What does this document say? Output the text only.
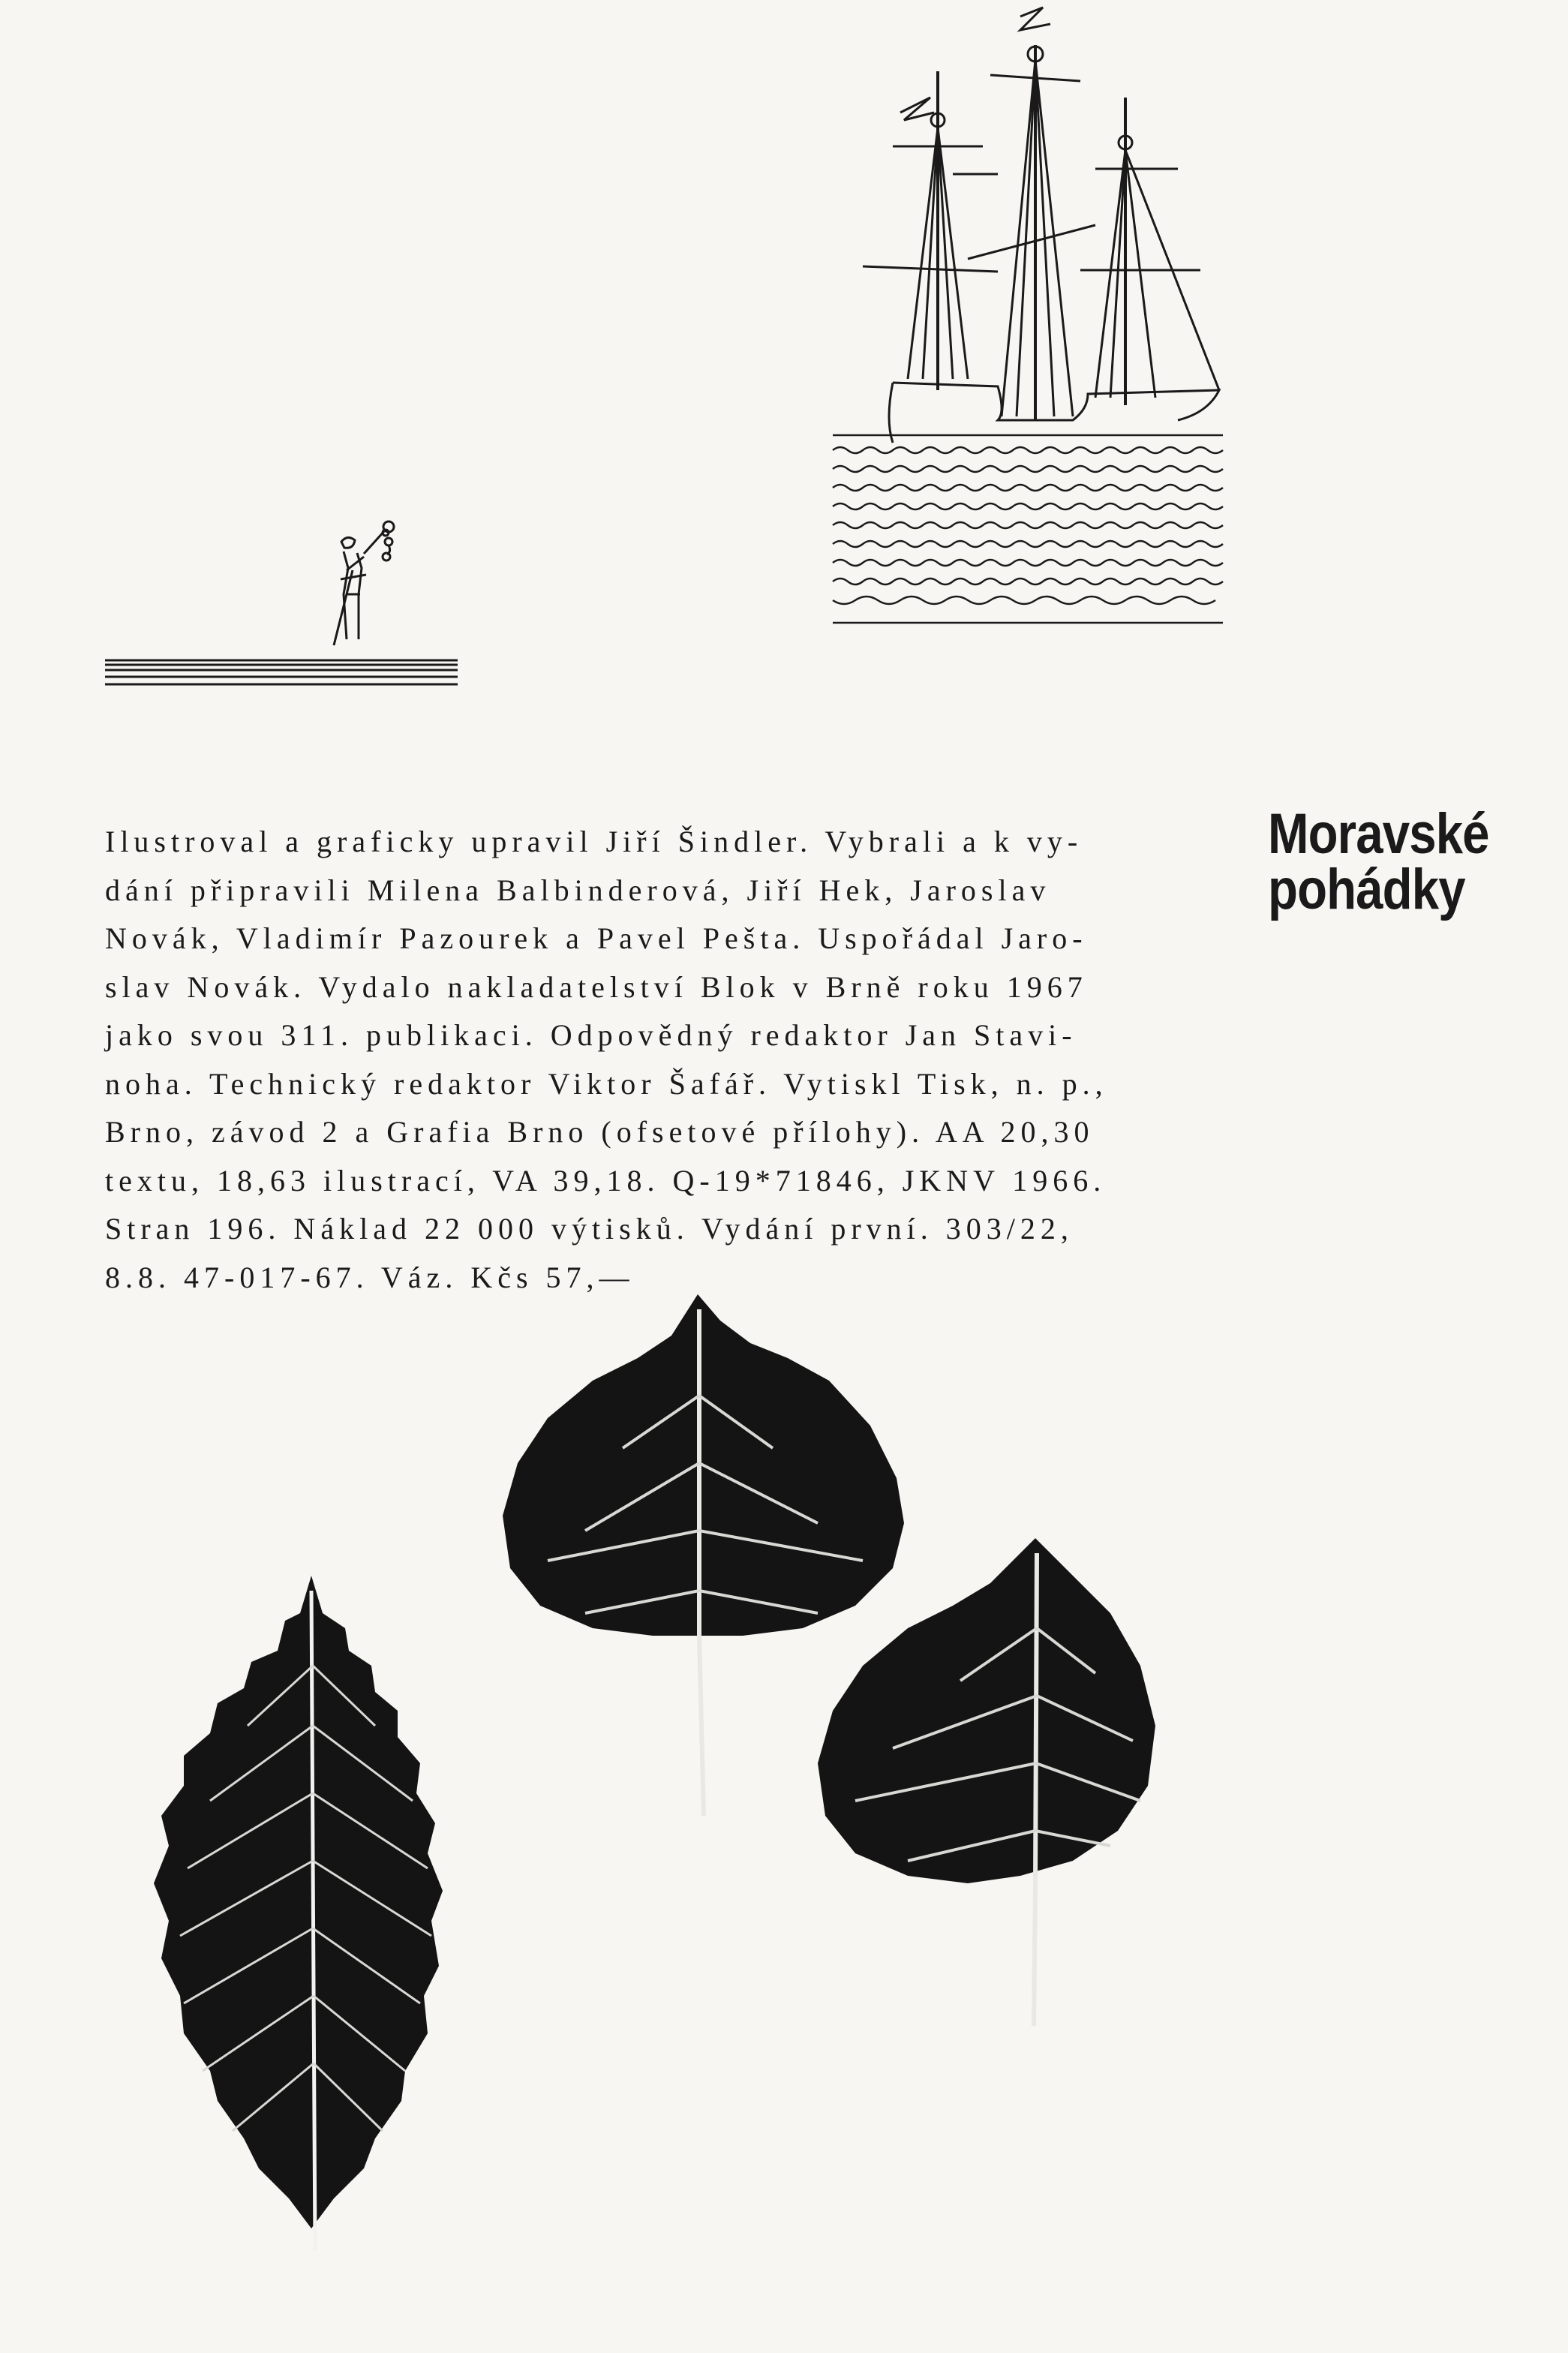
Ilustroval a graficky upravil Jiří Šindler. Vybrali a k vy-
dání připravili Milena Balbinderová, Jiří Hek, Jaroslav
Novák, Vladimír Pazourek a Pavel Pešta. Uspořádal Jaro-
slav Novák. Vydalo nakladatelství Blok v Brně roku 1967
jako svou 311. publikaci. Odpovědný redaktor Jan Stavi-
noha. Technický redaktor Viktor Šafář. Vytiskl Tisk, n. p.,
Brno, závod 2 a Grafia Brno (ofsetové přílohy). AA 20,30
textu, 18,63 ilustrací, VA 39,18. Q-19*71846, JKNV 1966.
Stran 196. Náklad 22 000 výtisků. Vydání první. 303/22,
8.8. 47-017-67. Váz. Kčs 57,—
Moravské
pohádky
